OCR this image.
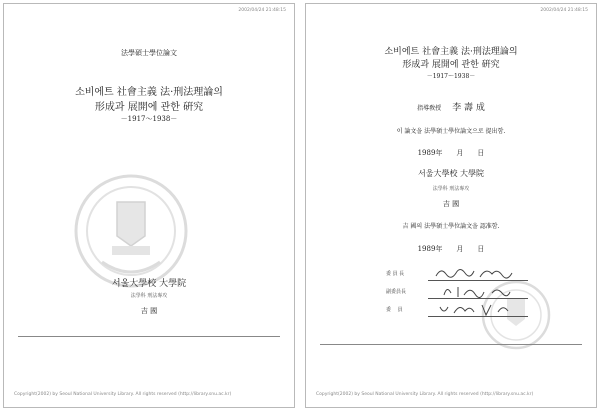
2002/04/24 21:48:15
法學碩士學位論文
소비에트 社會主義 法·刑法理論의
形成과 展開에 관한 硏究
－1917～1938－
서울大學校 大學院
法學科 刑法專攻
吉 國
Copyright(2002) by Seoul National University Library. All rights reserved (http://library.snu.ac.kr)
2002/04/24 21:48:15
소비에트 社會主義 法·刑法理論의
形成과 展開에 관한 硏究
－1917～1938－
指導敎授 李 壽 成
이 論文을 法學碩士學位論文으로 提出함.
1989年　　月　　日
서울大學校 大學院
法學科 刑法專攻
吉 國
吉 國의 法學碩士學位論文을 認准함.
1989年　　月　　日
委 員 長
副委員長
委　 員
Copyright(2002) by Seoul National University Library. All rights reserved (http://library.snu.ac.kr)
